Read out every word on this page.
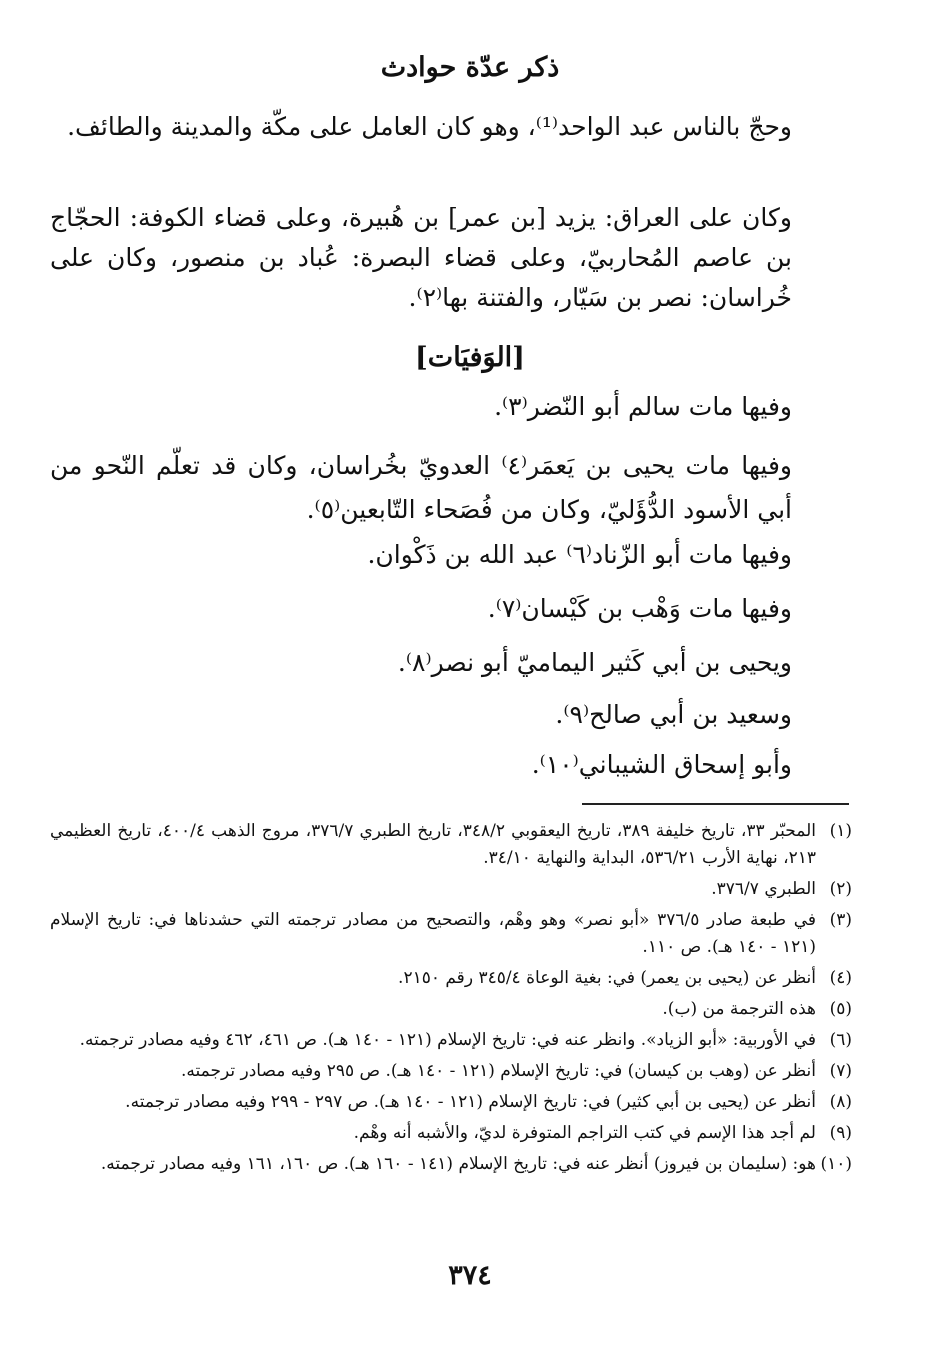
ذكر عدّة حوادث

وحجّ بالناس عبد الواحد⁽¹⁾، وهو كان العامل على مكّة والمدينة والطائف.

وكان على العراق: يزيد [بن عمر] بن هُبيرة، وعلى قضاء الكوفة: الحجّاج بن عاصم المُحاربيّ، وعلى قضاء البصرة: عُباد بن منصور، وكان على خُراسان: نصر بن سَيّار، والفتنة بها⁽٢⁾.

[الوَفيَات]

وفيها مات سالم أبو النّضر⁽٣⁾.

وفيها مات يحيى بن يَعمَر⁽٤⁾ العدويّ بخُراسان، وكان قد تعلّم النّحو من أبي الأسود الدُّؤَليّ، وكان من فُصَحاء التّابعين⁽٥⁾.

وفيها مات أبو الزّناد⁽٦⁾ عبد الله بن ذَكْوان.

وفيها مات وَهْب بن كَيْسان⁽٧⁾.

ويحيى بن أبي كَثير اليماميّ أبو نصر⁽٨⁾.

وسعيد بن أبي صالح⁽٩⁾.

وأبو إسحاق الشيباني⁽١٠⁾.

(١)المحبّر ٣٣، تاريخ خليفة ٣٨٩، تاريخ اليعقوبي ٣٤٨/٢، تاريخ الطبري ٣٧٦/٧، مروج الذهب ٤٠٠/٤، تاريخ العظيمي ٢١٣، نهاية الأرب ٥٣٦/٢١، البداية والنهاية ٣٤/١٠.
(٢)الطبري ٣٧٦/٧.
(٣)في طبعة صادر ٣٧٦/٥ «أبو نصر» وهو وهْم، والتصحيح من مصادر ترجمته التي حشدناها في: تاريخ الإسلام (١٢١ - ١٤٠ هـ). ص ١١٠.
(٤)أنظر عن (يحيى بن يعمر) في: بغية الوعاة ٣٤٥/٤ رقم ٢١٥٠.
(٥)هذه الترجمة من (ب).
(٦)في الأوربية: «أبو الزياد». وانظر عنه في: تاريخ الإسلام (١٢١ - ١٤٠ هـ). ص ٤٦١، ٤٦٢ وفيه مصادر ترجمته.
(٧)أنظر عن (وهب بن كيسان) في: تاريخ الإسلام (١٢١ - ١٤٠ هـ). ص ٢٩٥ وفيه مصادر ترجمته.
(٨)أنظر عن (يحيى بن أبي كثير) في: تاريخ الإسلام (١٢١ - ١٤٠ هـ). ص ٢٩٧ - ٢٩٩ وفيه مصادر ترجمته.
(٩)لم أجد هذا الإسم في كتب التراجم المتوفرة لديّ، والأشبه أنه وهْم.
(١٠)هو: (سليمان بن فيروز) أنظر عنه في: تاريخ الإسلام (١٤١ - ١٦٠ هـ). ص ١٦٠، ١٦١ وفيه مصادر ترجمته.
٣٧٤
